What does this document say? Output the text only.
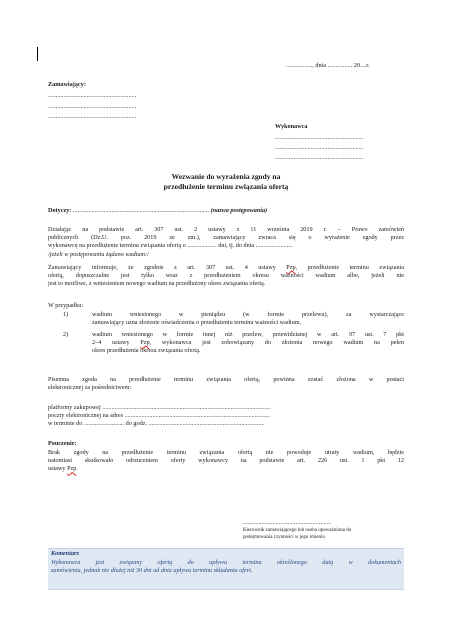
................., dnia ................ 20....r.
Zamawiający:
.........................................................
.........................................................
.........................................................
Wykonawca
.........................................................
.........................................................
.........................................................
Wezwanie do wyrażenia zgody na
przedłużenie terminu związania ofertą
Dotyczy: ........................................................................................ (nazwa postępowania)
Działając na podstawie art. 307 ust. 2 ustawy z 11 września 2019 r. – Prawo zamówień
publicznych (Dz.U. poz. 2019 ze zm.), zamawiający zwraca się o wyrażenie zgody przez
wykonawcę na przedłużenie terminu związania ofertą o ................... dni, tj. do dnia ........................
/jeżeli w postępowaniu żądano wadium:/
Zamawiający informuje, że zgodnie z art. 307 ust. 4 ustawy Pzp, przedłużenie terminu związania
ofertą, dopuszczalne jest tylko wraz z przedłużeniem okresu ważności wadium albo, jeżeli nie
jest to możliwe, z wniesieniem nowego wadium na przedłużony okres związania ofertą.
W przypadku:
1)	wadium wniesionego w pieniądzu (w formie przelewu), za wystarczające
zamawiający uzna złożenie oświadczenia o przedłużeniu terminu ważności wadium,
2)	wadium wniesionego w formie innej niż przelew, przewidzianej w art. 97 ust. 7 pkt
2–4 ustawy Pzp, wykonawca jest zobowiązany do złożenia nowego wadium na pełen
okres przedłużenia okresu związania ofertą.
Pisemna zgoda na przedłużenie terminu związania ofertą, powinna zostać złożona w postaci
elektronicznej za pośrednictwem:
platformy zakupowej .............................................................................................................
poczty elektronicznej na adres ..............................................................................................
w terminie do .......................... do godz. ...........................................................................
Pouczenie:
Brak zgody na przedłużenie terminu związania ofertą nie powoduje utraty wadium, będzie
natomiast skutkowało odrzuceniem oferty wykonawcy na podstawie art. 226 ust. 1 pkt 12
ustawy Pzp.
.........................................................
Kierownik zamawiającego lub osoba upoważniona do
podejmowania czynności w jego imieniu
Komentarz
Wykonawca jest związany ofertą do upływu terminu określonego datą w dokumentach
zamówienia, jednak nie dłużej niż 30 dni od dnia upływu terminu składania ofert.
